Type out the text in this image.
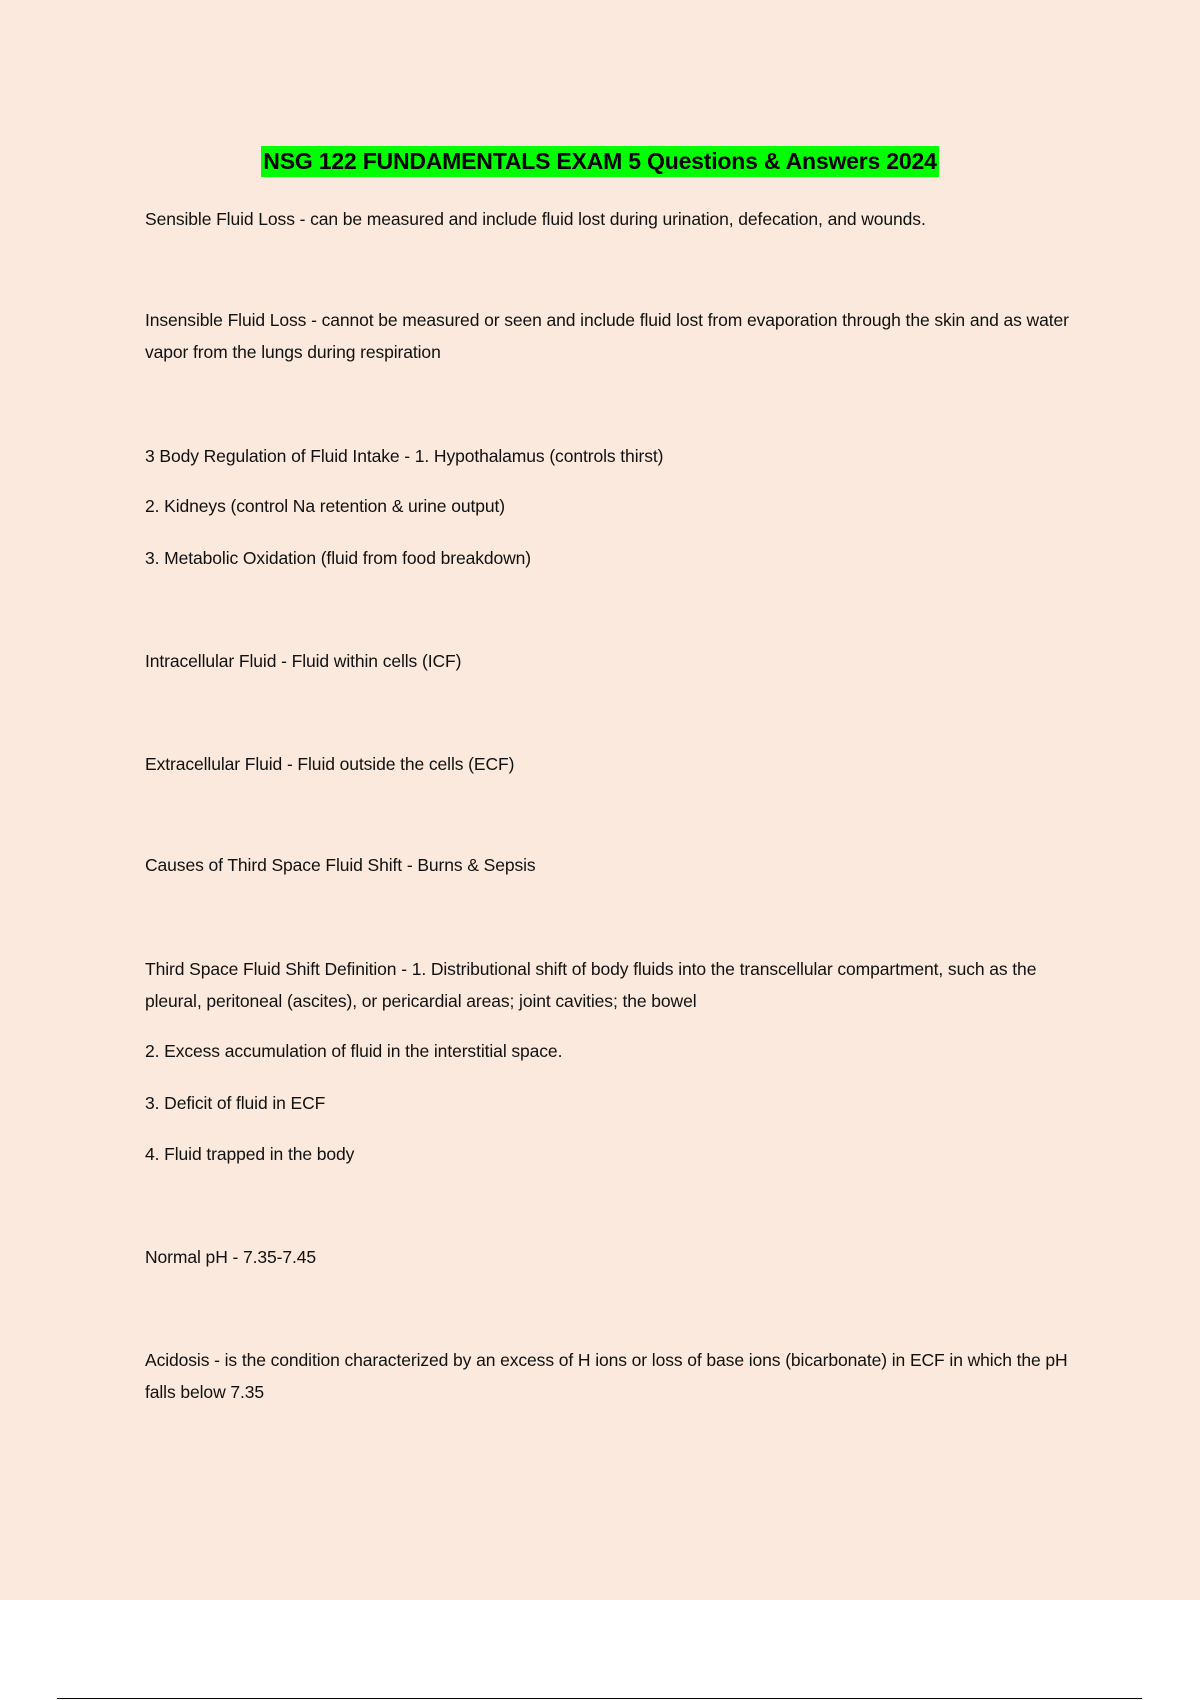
NSG 122 FUNDAMENTALS EXAM 5 Questions & Answers 2024

Sensible Fluid Loss - can be measured and include fluid lost during urination, defecation, and wounds.

Insensible Fluid Loss - cannot be measured or seen and include fluid lost from evaporation through the skin and as water vapor from the lungs during respiration

3 Body Regulation of Fluid Intake - 1. Hypothalamus (controls thirst)

2. Kidneys (control Na retention & urine output)

3. Metabolic Oxidation (fluid from food breakdown)

Intracellular Fluid - Fluid within cells (ICF)

Extracellular Fluid - Fluid outside the cells (ECF)

Causes of Third Space Fluid Shift - Burns & Sepsis

Third Space Fluid Shift Definition - 1. Distributional shift of body fluids into the transcellular compartment, such as the pleural, peritoneal (ascites), or pericardial areas; joint cavities; the bowel

2. Excess accumulation of fluid in the interstitial space.

3. Deficit of fluid in ECF

4. Fluid trapped in the body

Normal pH - 7.35-7.45

Acidosis - is the condition characterized by an excess of H ions or loss of base ions (bicarbonate) in ECF in which the pH falls below 7.35
